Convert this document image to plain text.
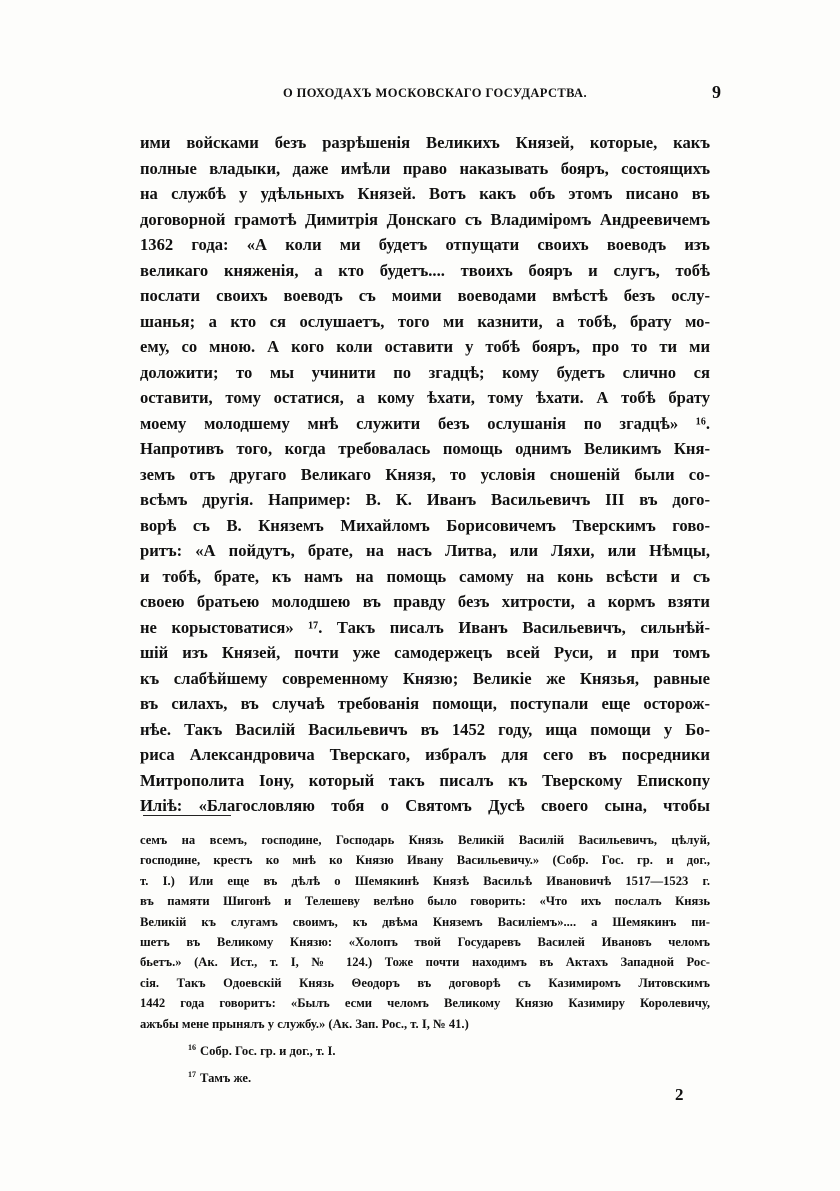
О ПОХОДАХЪ МОСКОВСКАГО ГОСУДАРСТВА.	9
ими войсками безъ разрѣшенія Великихъ Князей, которые, какъ
полные владыки, даже имѣли право наказывать бояръ, состоящихъ
на службѣ у удѣльныхъ Князей. Вотъ какъ объ этомъ писано въ
договорной грамотѣ Димитрія Донскаго съ Владиміромъ Андреевичемъ
1362 года: «А коли ми будетъ отпущати своихъ воеводъ изъ
великаго княженія, а кто будетъ.... твоихъ бояръ и слугъ, тобѣ
послати своихъ воеводъ съ моими воеводами вмѣстѣ безъ ослу-
шанья; а кто ся ослушаетъ, того ми казнити, а тобѣ, брату мо-
ему, со мною. А кого коли оставити у тобѣ бояръ, про то ти ми
доложити; то мы учинити по згадцѣ; кому будетъ слично ся
оставити, тому остатися, а кому ѣхати, тому ѣхати. А тобѣ брату
моему молодшему мнѣ служити безъ ослушанія по згадцѣ» ¹⁶.
Напротивъ того, когда требовалась помощь однимъ Великимъ Кня-
земъ отъ другаго Великаго Князя, то условія сношеній были со-
всѣмъ другія. Например: В. К. Иванъ Васильевичъ III въ дого-
ворѣ съ В. Княземъ Михайломъ Борисовичемъ Тверскимъ гово-
ритъ: «А пойдутъ, брате, на насъ Литва, или Ляхи, или Нѣмцы,
и тобѣ, брате, къ намъ на помощь самому на конь всѣсти и съ
своею братьею молодшею въ правду безъ хитрости, а кормъ взяти
не корыстоватися» ¹⁷. Такъ писалъ Иванъ Васильевичъ, сильнѣй-
шій изъ Князей, почти уже самодержецъ всей Руси, и при томъ
къ слабѣйшему современному Князю; Великіе же Князья, равные
въ силахъ, въ случаѣ требованія помощи, поступали еще осторож-
нѣе. Такъ Василій Васильевичъ въ 1452 году, ища помощи у Бо-
риса Александровича Тверскаго, избралъ для сего въ посредники
Митрополита Іону, который такъ писалъ къ Тверскому Епископу
Иліѣ: «Благословляю тобя о Святомъ Дусѣ своего сына, чтобы
семъ на всемъ, господине, Господарь Князь Великій Василій Васильевичъ, цѣлуй,
господине, крестъ ко мнѣ ко Князю Ивану Васильевичу.» (Собр. Гос. гр. и дог.,
т. I.) Или еще въ дѣлѣ о Шемякинѣ Князѣ Васильѣ Ивановичѣ 1517—1523 г.
въ памяти Шигонѣ и Телешеву велѣно было говорить: «Что ихъ послалъ Князь
Великій къ слугамъ своимъ, къ двѣма Княземъ Василіемъ».... а Шемякинъ пи-
шетъ въ Великому Князю: «Холопъ твой Государевъ Василей Ивановъ челомъ
бьетъ.» (Ак. Ист., т. I, № 124.) Тоже почти находимъ въ Актахъ Западной Рос-
сія. Такъ Одоевскій Князь Θеодоръ въ договорѣ съ Казимиромъ Литовскимъ
1442 года говоритъ: «Былъ есми челомъ Великому Князю Казимиру Королевичу,
ажъбы мене прынялъ у службу.» (Ак. Зап. Рос., т. I, № 41.)
$^{16}$ Собр. Гос. гр. и дог., т. I.
$^{17}$ Тамъ же.
2
